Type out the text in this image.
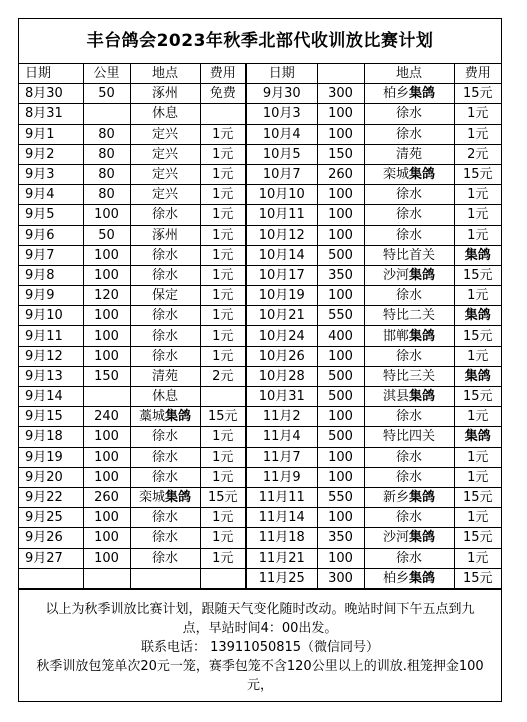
丰台鸽会2023年秋季北部代收训放比赛计划
日期	公里	地点	费用	日期		地点	费用
8月30	50	涿州	免费	9月30	300	柏乡集鸽	15元
8月31		休息		10月3	100	徐水	1元
9月1	80	定兴	1元	10月4	100	徐水	1元
9月2	80	定兴	1元	10月5	150	清苑	2元
9月3	80	定兴	1元	10月7	260	栾城集鸽	15元
9月4	80	定兴	1元	10月10	100	徐水	1元
9月5	100	徐水	1元	10月11	100	徐水	1元
9月6	50	涿州	1元	10月12	100	徐水	1元
9月7	100	徐水	1元	10月14	500	特比首关	集鸽
9月8	100	徐水	1元	10月17	350	沙河集鸽	15元
9月9	120	保定	1元	10月19	100	徐水	1元
9月10	100	徐水	1元	10月21	550	特比二关	集鸽
9月11	100	徐水	1元	10月24	400	邯郸集鸽	15元
9月12	100	徐水	1元	10月26	100	徐水	1元
9月13	150	清苑	2元	10月28	500	特比三关	集鸽
9月14		休息		10月31	500	淇县集鸽	15元
9月15	240	藁城集鸽	15元	11月2	100	徐水	1元
9月18	100	徐水	1元	11月4	500	特比四关	集鸽
9月19	100	徐水	1元	11月7	100	徐水	1元
9月20	100	徐水	1元	11月9	100	徐水	1元
9月22	260	栾城集鸽	15元	11月11	550	新乡集鸽	15元
9月25	100	徐水	1元	11月14	100	徐水	1元
9月26	100	徐水	1元	11月18	350	沙河集鸽	15元
9月27	100	徐水	1元	11月21	100	徐水	1元
				11月25	300	柏乡集鸽	15元

以上为秋季训放比赛计划，跟随天气变化随时改动。晚站时间下午五点到九点，早站时间4：00出发。

联系电话： 13911050815（微信同号）

秋季训放包笼单次20元一笼，赛季包笼不含120公里以上的训放.租笼押金100元，
